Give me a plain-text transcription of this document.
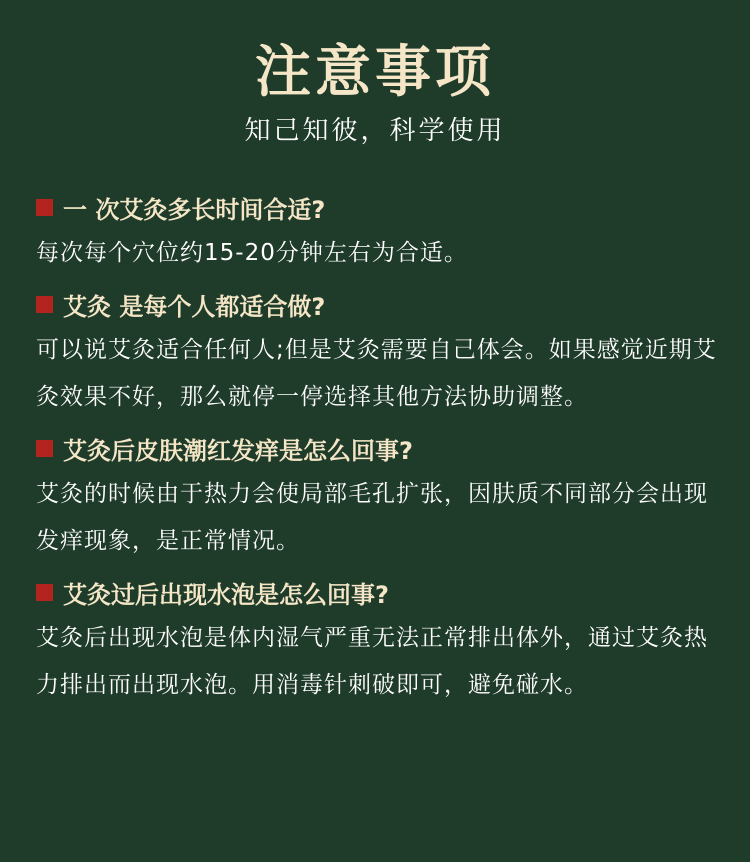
注意事项
知己知彼，科学使用
一 次艾灸多长时间合适?
每次每个穴位约15-20分钟左右为合适。
艾灸 是每个人都适合做?
可以说艾灸适合任何人;但是艾灸需要自己体会。如果感觉近期艾灸效果不好，那么就停一停选择其他方法协助调整。
艾灸后皮肤潮红发痒是怎么回事?
艾灸的时候由于热力会使局部毛孔扩张，因肤质不同部分会出现发痒现象，是正常情况。
艾灸过后出现水泡是怎么回事?
艾灸后出现水泡是体内湿气严重无法正常排出体外，通过艾灸热力排出而出现水泡。用消毒针刺破即可，避免碰水。
